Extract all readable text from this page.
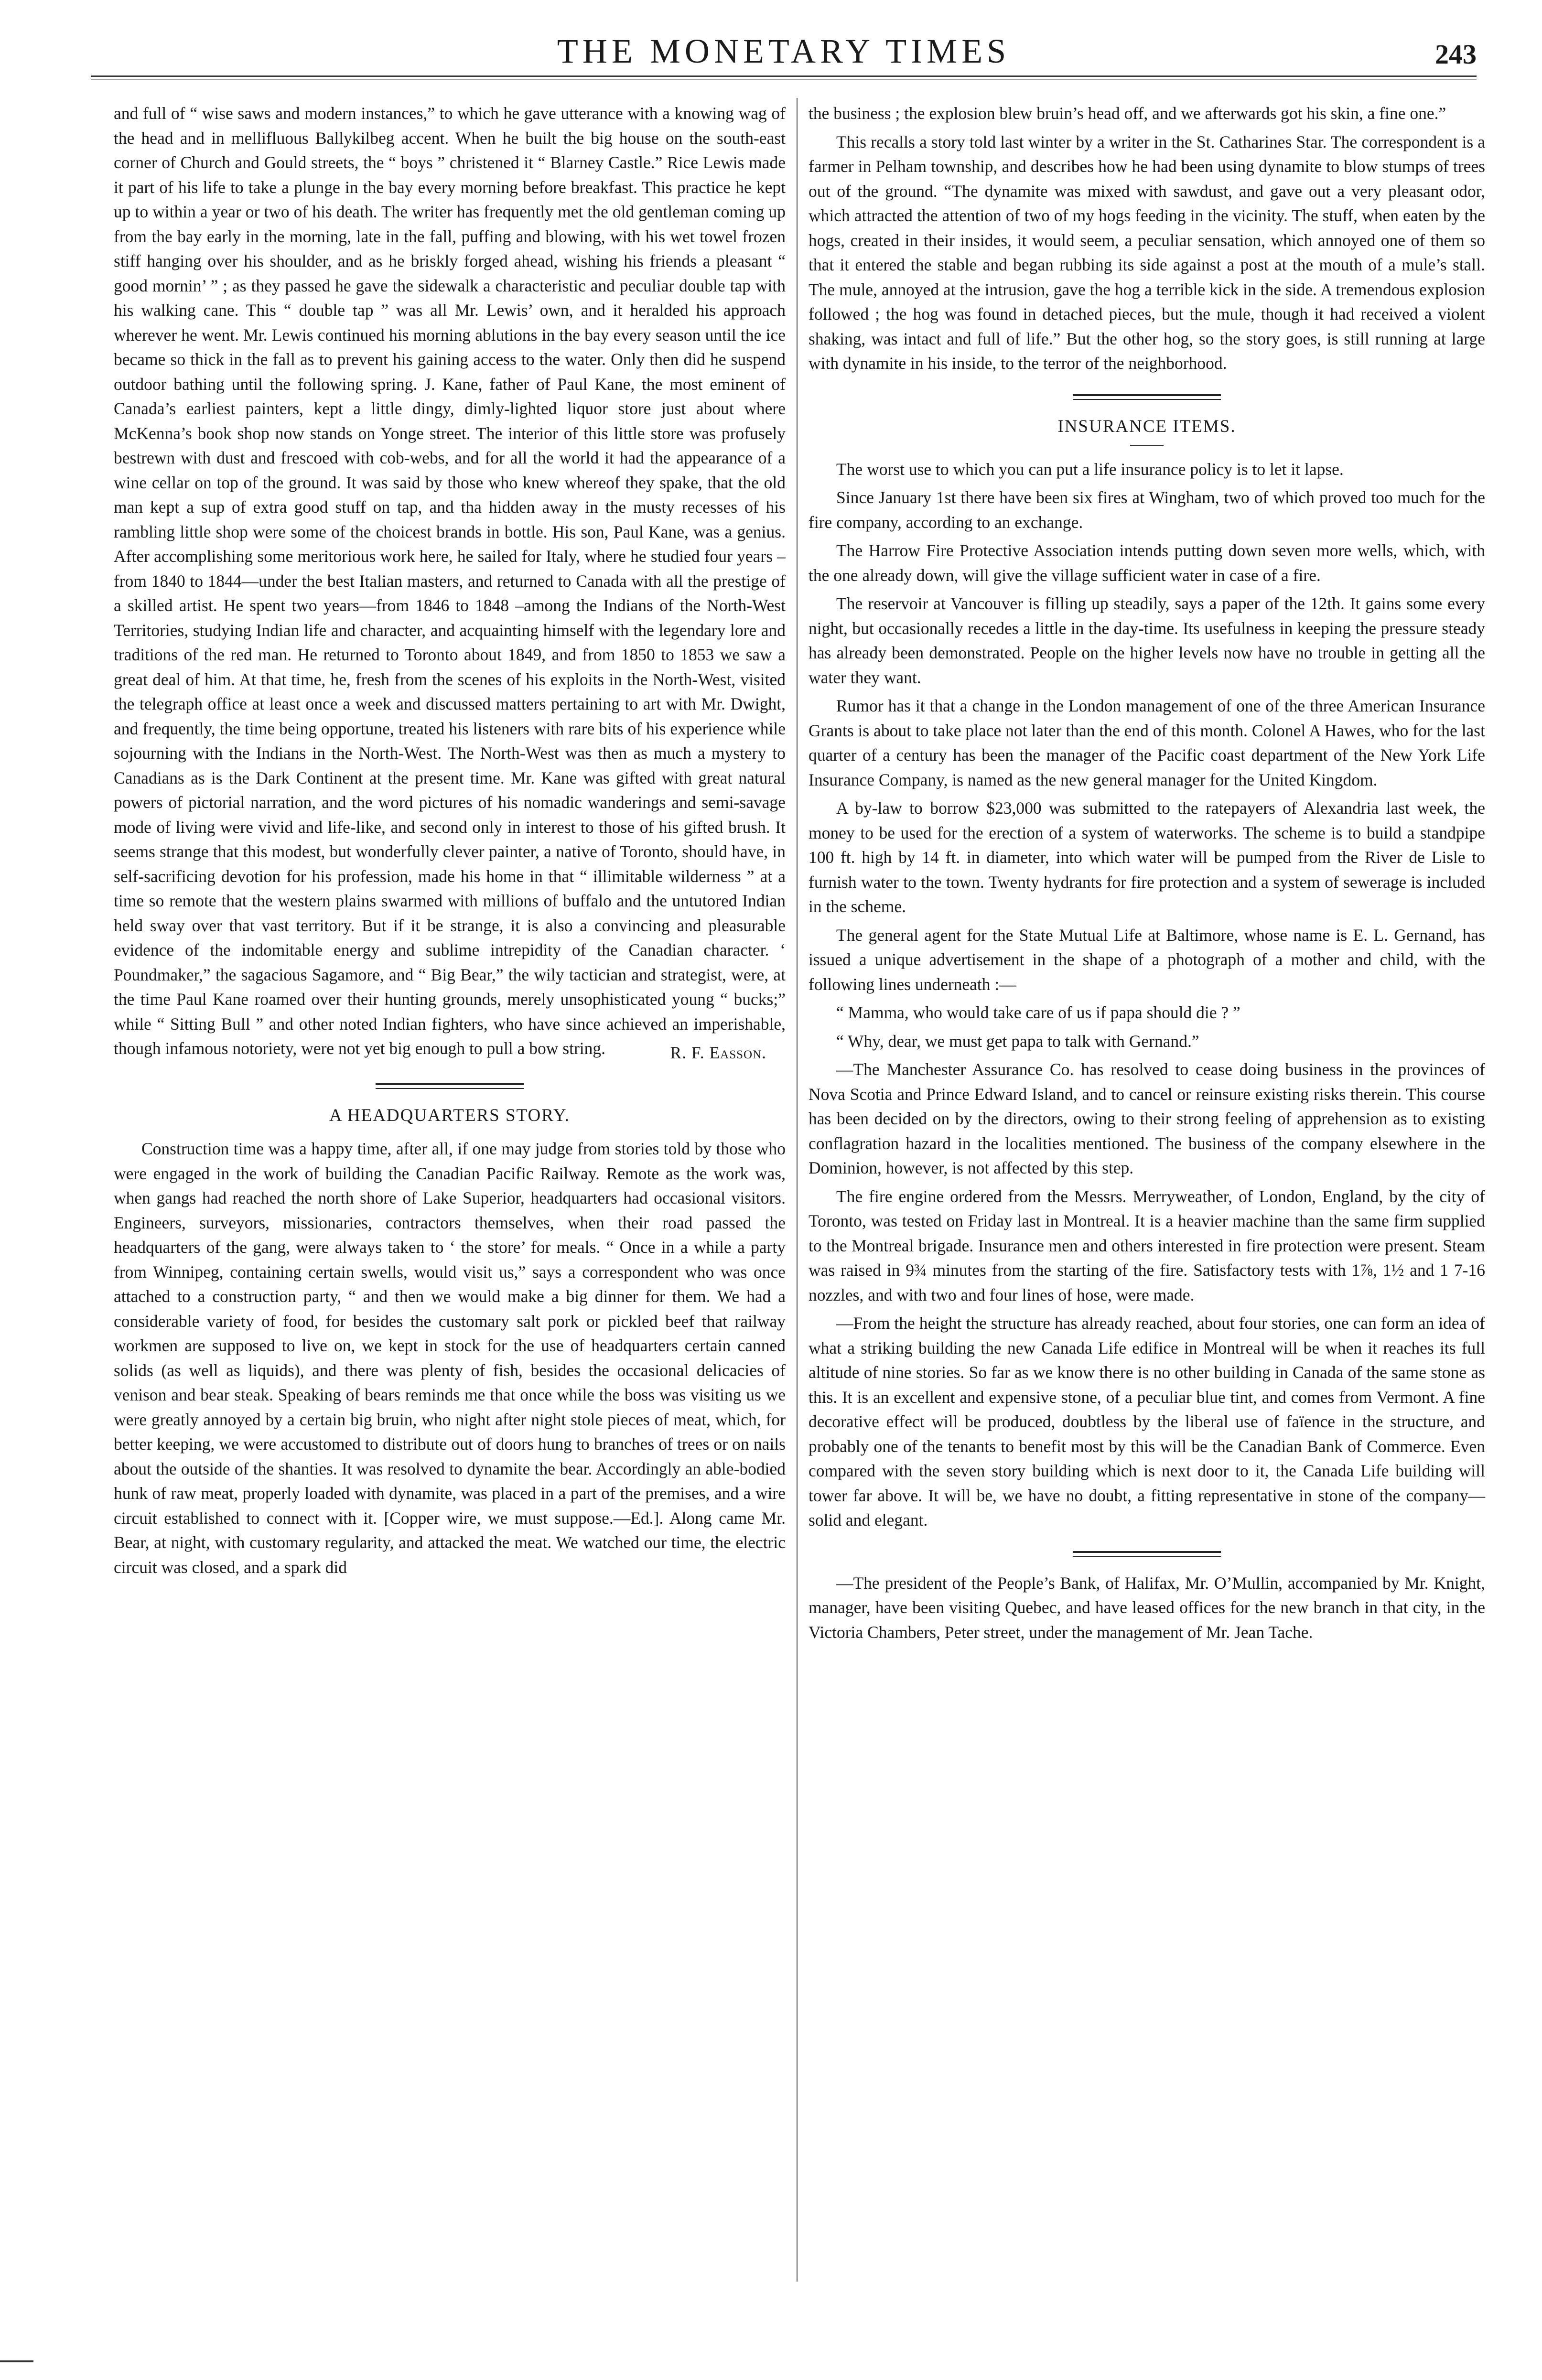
THE MONETARY TIMES	243

and full of “ wise saws and modern instances,” to which he gave utterance with a knowing wag of the head and in mellifluous Ballykilbeg accent. When he built the big house on the south-east corner of Church and Gould streets, the “ boys ” christened it “ Blarney Castle.” Rice Lewis made it part of his life to take a plunge in the bay every morning before breakfast. This practice he kept up to within a year or two of his death. The writer has frequently met the old gentleman coming up from the bay early in the morning, late in the fall, puffing and blowing, with his wet towel frozen stiff hanging over his shoulder, and as he briskly forged ahead, wishing his friends a pleasant “ good mornin’ ” ; as they passed he gave the sidewalk a characteristic and peculiar double tap with his walking cane. This “ double tap ” was all Mr. Lewis’ own, and it heralded his approach wherever he went. Mr. Lewis continued his morning ablutions in the bay every season until the ice became so thick in the fall as to prevent his gaining access to the water. Only then did he suspend outdoor bathing until the following spring. J. Kane, father of Paul Kane, the most eminent of Canada’s earliest painters, kept a little dingy, dimly-lighted liquor store just about where McKenna’s book shop now stands on Yonge street. The interior of this little store was profusely bestrewn with dust and frescoed with cob-webs, and for all the world it had the appearance of a wine cellar on top of the ground. It was said by those who knew whereof they spake, that the old man kept a sup of extra good stuff on tap, and tha hidden away in the musty recesses of his rambling little shop were some of the choicest brands in bottle. His son, Paul Kane, was a genius. After accomplishing some meritorious work here, he sailed for Italy, where he studied four years –from 1840 to 1844—under the best Italian masters, and returned to Canada with all the prestige of a skilled artist. He spent two years—from 1846 to 1848 –among the Indians of the North-West Territories, studying Indian life and character, and acquainting himself with the legendary lore and traditions of the red man. He returned to Toronto about 1849, and from 1850 to 1853 we saw a great deal of him. At that time, he, fresh from the scenes of his exploits in the North-West, visited the telegraph office at least once a week and discussed matters pertaining to art with Mr. Dwight, and frequently, the time being opportune, treated his listeners with rare bits of his experience while sojourning with the Indians in the North-West. The North-West was then as much a mystery to Canadians as is the Dark Continent at the present time. Mr. Kane was gifted with great natural powers of pictorial narration, and the word pictures of his nomadic wanderings and semi-savage mode of living were vivid and life-like, and second only in interest to those of his gifted brush. It seems strange that this modest, but wonderfully clever painter, a native of Toronto, should have, in self-sacrificing devotion for his profession, made his home in that “ illimitable wilderness ” at a time so remote that the western plains swarmed with millions of buffalo and the untutored Indian held sway over that vast territory. But if it be strange, it is also a convincing and pleasurable evidence of the indomitable energy and sublime intrepidity of the Canadian character. ‘ Poundmaker,” the sagacious Sagamore, and “ Big Bear,” the wily tactician and strategist, were, at the time Paul Kane roamed over their hunting grounds, merely unsophisticated young “ bucks;” while “ Sitting Bull ” and other noted Indian fighters, who have since achieved an imperishable, though infamous notoriety, were not yet big enough to pull a bow string.	R. F. Easson.
A HEADQUARTERS STORY.

Construction time was a happy time, after all, if one may judge from stories told by those who were engaged in the work of building the Canadian Pacific Railway. Remote as the work was, when gangs had reached the north shore of Lake Superior, headquarters had occasional visitors. Engineers, surveyors, missionaries, contractors themselves, when their road passed the headquarters of the gang, were always taken to ‘ the store’ for meals. “ Once in a while a party from Winnipeg, containing certain swells, would visit us,” says a correspondent who was once attached to a construction party, “ and then we would make a big dinner for them. We had a considerable variety of food, for besides the customary salt pork or pickled beef that railway workmen are supposed to live on, we kept in stock for the use of headquarters certain canned solids (as well as liquids), and there was plenty of fish, besides the occasional delicacies of venison and bear steak. Speaking of bears reminds me that once while the boss was visiting us we were greatly annoyed by a certain big bruin, who night after night stole pieces of meat, which, for better keeping, we were accustomed to distribute out of doors hung to branches of trees or on nails about the outside of the shanties. It was resolved to dynamite the bear. Accordingly an able-bodied hunk of raw meat, properly loaded with dynamite, was placed in a part of the premises, and a wire circuit established to connect with it. [Copper wire, we must suppose.—Ed.]. Along came Mr. Bear, at night, with customary regularity, and attacked the meat. We watched our time, the electric circuit was closed, and a spark did

the business ; the explosion blew bruin’s head off, and we afterwards got his skin, a fine one.”

This recalls a story told last winter by a writer in the St. Catharines Star. The correspondent is a farmer in Pelham township, and describes how he had been using dynamite to blow stumps of trees out of the ground. “The dynamite was mixed with sawdust, and gave out a very pleasant odor, which attracted the attention of two of my hogs feeding in the vicinity. The stuff, when eaten by the hogs, created in their insides, it would seem, a peculiar sensation, which annoyed one of them so that it entered the stable and began rubbing its side against a post at the mouth of a mule’s stall. The mule, annoyed at the intrusion, gave the hog a terrible kick in the side. A tremendous explosion followed ; the hog was found in detached pieces, but the mule, though it had received a violent shaking, was intact and full of life.” But the other hog, so the story goes, is still running at large with dynamite in his inside, to the terror of the neighborhood.

INSURANCE ITEMS.

The worst use to which you can put a life insurance policy is to let it lapse.

Since January 1st there have been six fires at Wingham, two of which proved too much for the fire company, according to an exchange.

The Harrow Fire Protective Association intends putting down seven more wells, which, with the one already down, will give the village sufficient water in case of a fire.

The reservoir at Vancouver is filling up steadily, says a paper of the 12th. It gains some every night, but occasionally recedes a little in the day-time. Its usefulness in keeping the pressure steady has already been demonstrated. People on the higher levels now have no trouble in getting all the water they want.

Rumor has it that a change in the London management of one of the three American Insurance Grants is about to take place not later than the end of this month. Colonel A Hawes, who for the last quarter of a century has been the manager of the Pacific coast department of the New York Life Insurance Company, is named as the new general manager for the United Kingdom.

A by-law to borrow $23,000 was submitted to the ratepayers of Alexandria last week, the money to be used for the erection of a system of waterworks. The scheme is to build a standpipe 100 ft. high by 14 ft. in diameter, into which water will be pumped from the River de Lisle to furnish water to the town. Twenty hydrants for fire protection and a system of sewerage is included in the scheme.

The general agent for the State Mutual Life at Baltimore, whose name is E. L. Gernand, has issued a unique advertisement in the shape of a photograph of a mother and child, with the following lines underneath :—

“ Mamma, who would take care of us if papa should die ? ”

“ Why, dear, we must get papa to talk with Gernand.”

—The Manchester Assurance Co. has resolved to cease doing business in the provinces of Nova Scotia and Prince Edward Island, and to cancel or reinsure existing risks therein. This course has been decided on by the directors, owing to their strong feeling of apprehension as to existing conflagration hazard in the localities mentioned. The business of the company elsewhere in the Dominion, however, is not affected by this step.

The fire engine ordered from the Messrs. Merryweather, of London, England, by the city of Toronto, was tested on Friday last in Montreal. It is a heavier machine than the same firm supplied to the Montreal brigade. Insurance men and others interested in fire protection were present. Steam was raised in 9¾ minutes from the starting of the fire. Satisfactory tests with 1⅞, 1½ and 1 7-16 nozzles, and with two and four lines of hose, were made.

—From the height the structure has already reached, about four stories, one can form an idea of what a striking building the new Canada Life edifice in Montreal will be when it reaches its full altitude of nine stories. So far as we know there is no other building in Canada of the same stone as this. It is an excellent and expensive stone, of a peculiar blue tint, and comes from Vermont. A fine decorative effect will be produced, doubtless by the liberal use of faïence in the structure, and probably one of the tenants to benefit most by this will be the Canadian Bank of Commerce. Even compared with the seven story building which is next door to it, the Canada Life building will tower far above. It will be, we have no doubt, a fitting representative in stone of the company—solid and elegant.

—The president of the People’s Bank, of Halifax, Mr. O’Mullin, accompanied by Mr. Knight, manager, have been visiting Quebec, and have leased offices for the new branch in that city, in the Victoria Chambers, Peter street, under the management of Mr. Jean Tache.
